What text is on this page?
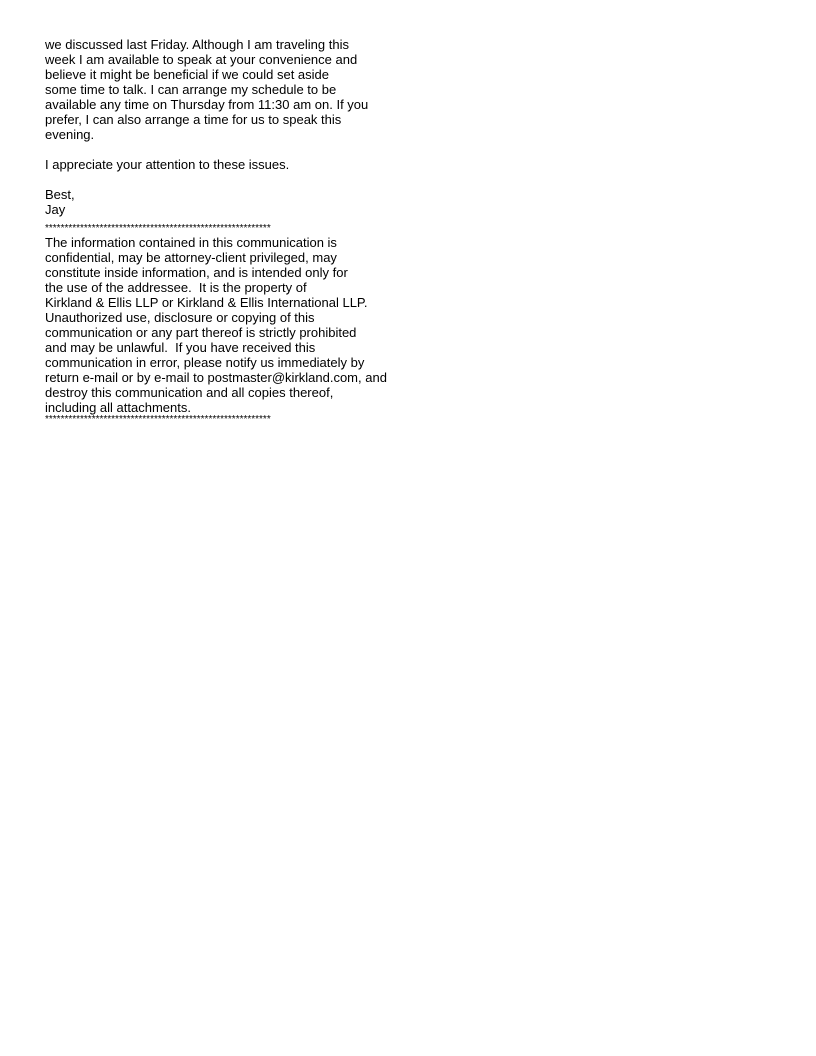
we discussed last Friday. Although I am traveling this
week I am available to speak at your convenience and
believe it might be beneficial if we could set aside
some time to talk. I can arrange my schedule to be
available any time on Thursday from 11:30 am on. If you
prefer, I can also arrange a time for us to speak this
evening.
I appreciate your attention to these issues.
Best,
Jay
**********************************************************
The information contained in this communication is
confidential, may be attorney-client privileged, may
constitute inside information, and is intended only for
the use of the addressee.  It is the property of
Kirkland & Ellis LLP or Kirkland & Ellis International LLP.
Unauthorized use, disclosure or copying of this
communication or any part thereof is strictly prohibited
and may be unlawful.  If you have received this
communication in error, please notify us immediately by
return e-mail or by e-mail to postmaster@kirkland.com, and
destroy this communication and all copies thereof,
including all attachments.
**********************************************************
